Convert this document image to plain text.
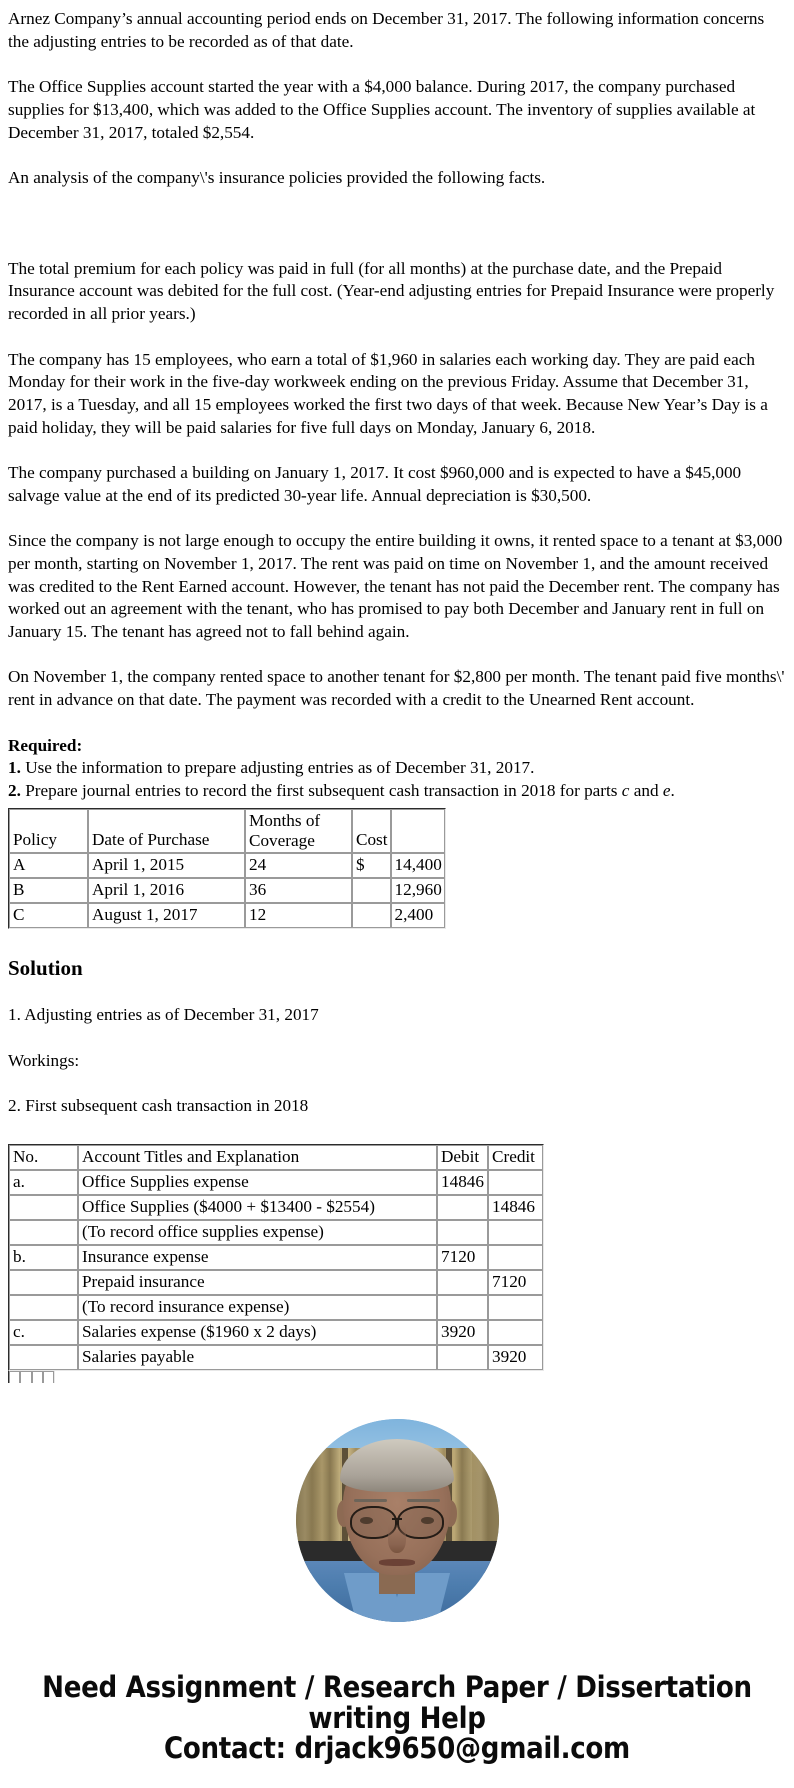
Arnez Company’s annual accounting period ends on December 31, 2017. The following information concerns the adjusting entries to be recorded as of that date.

The Office Supplies account started the year with a $4,000 balance. During 2017, the company purchased supplies for $13,400, which was added to the Office Supplies account. The inventory of supplies available at December 31, 2017, totaled $2,554.

An analysis of the company\'s insurance policies provided the following facts.

The total premium for each policy was paid in full (for all months) at the purchase date, and the Prepaid Insurance account was debited for the full cost. (Year-end adjusting entries for Prepaid Insurance were properly recorded in all prior years.)

The company has 15 employees, who earn a total of $1,960 in salaries each working day. They are paid each Monday for their work in the five-day workweek ending on the previous Friday. Assume that December 31, 2017, is a Tuesday, and all 15 employees worked the first two days of that week. Because New Year’s Day is a paid holiday, they will be paid salaries for five full days on Monday, January 6, 2018.

The company purchased a building on January 1, 2017. It cost $960,000 and is expected to have a $45,000 salvage value at the end of its predicted 30-year life. Annual depreciation is $30,500.

Since the company is not large enough to occupy the entire building it owns, it rented space to a tenant at $3,000 per month, starting on November 1, 2017. The rent was paid on time on November 1, and the amount received was credited to the Rent Earned account. However, the tenant has not paid the December rent. The company has worked out an agreement with the tenant, who has promised to pay both December and January rent in full on January 15. The tenant has agreed not to fall behind again.

On November 1, the company rented space to another tenant for $2,800 per month. The tenant paid five months\' rent in advance on that date. The payment was recorded with a credit to the Unearned Rent account.

Required:
1. Use the information to prepare adjusting entries as of December 31, 2017.
2. Prepare journal entries to record the first subsequent cash transaction in 2018 for parts c and e.
Policy	Date of Purchase	Months of Coverage	Cost	
A	April 1, 2015	24	$	14,400
B	April 1, 2016	36		12,960
C	August 1, 2017	12		2,400
Solution

1. Adjusting entries as of December 31, 2017

Workings:

2. First subsequent cash transaction in 2018

No.	Account Titles and Explanation	Debit	Credit
a.	Office Supplies expense	14846	
	Office Supplies ($4000 + $13400 - $2554)		14846
	(To record office supplies expense)		
b.	Insurance expense	7120	
	Prepaid insurance		7120
	(To record insurance expense)		
c.	Salaries expense ($1960 x 2 days)	3920	
	Salaries payable		3920

Need Assignment / Research Paper / Dissertation
writing Help
Contact: drjack9650@gmail.com
